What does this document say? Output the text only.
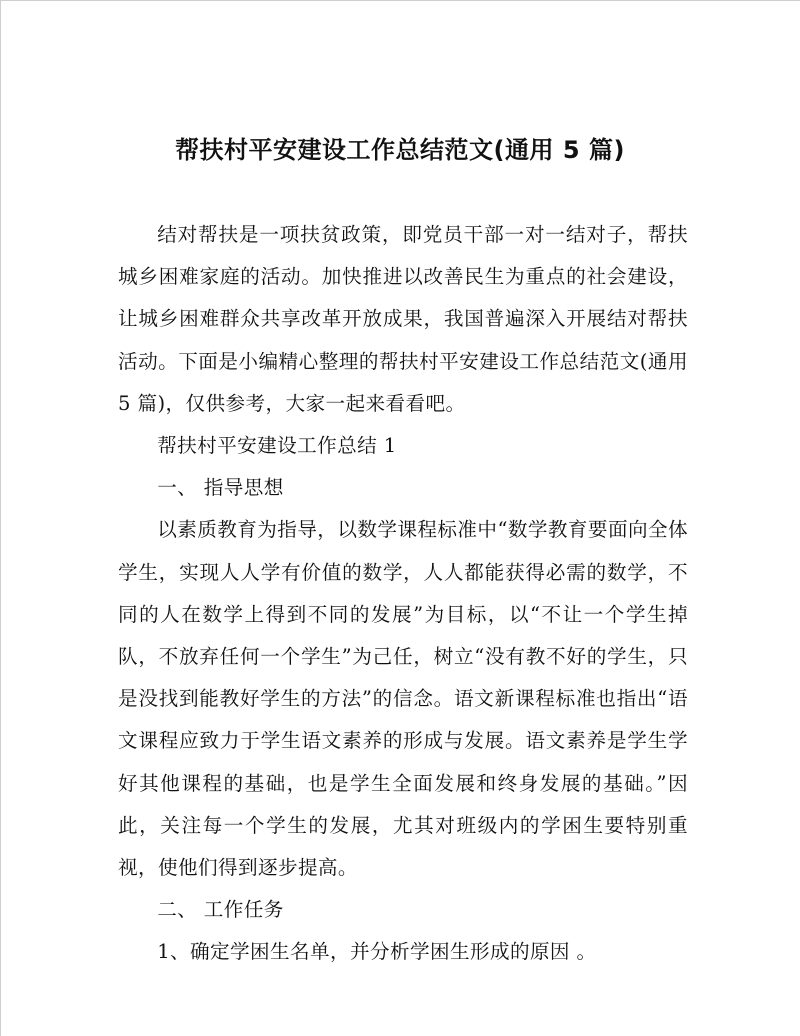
帮扶村平安建设工作总结范文(通用 5 篇)

结对帮扶是一项扶贫政策，即党员干部一对一结对子，帮扶城乡困难家庭的活动。加快推进以改善民生为重点的社会建设，让城乡困难群众共享改革开放成果，我国普遍深入开展结对帮扶活动。下面是小编精心整理的帮扶村平安建设工作总结范文(通用 5 篇)，仅供参考，大家一起来看看吧。

帮扶村平安建设工作总结 1

一、 指导思想

以素质教育为指导，以数学课程标准中“数学教育要面向全体学生，实现人人学有价值的数学，人人都能获得必需的数学，不同的人在数学上得到不同的发展”为目标，以“不让一个学生掉队，不放弃任何一个学生”为己任，树立“没有教不好的学生，只是没找到能教好学生的方法”的信念。语文新课程标准也指出“语文课程应致力于学生语文素养的形成与发展。语文素养是学生学好其他课程的基础，也是学生全面发展和终身发展的基础。”因此，关注每一个学生的发展，尤其对班级内的学困生要特别重视，使他们得到逐步提高。

二、 工作任务

1、确定学困生名单，并分析学困生形成的原因 。
